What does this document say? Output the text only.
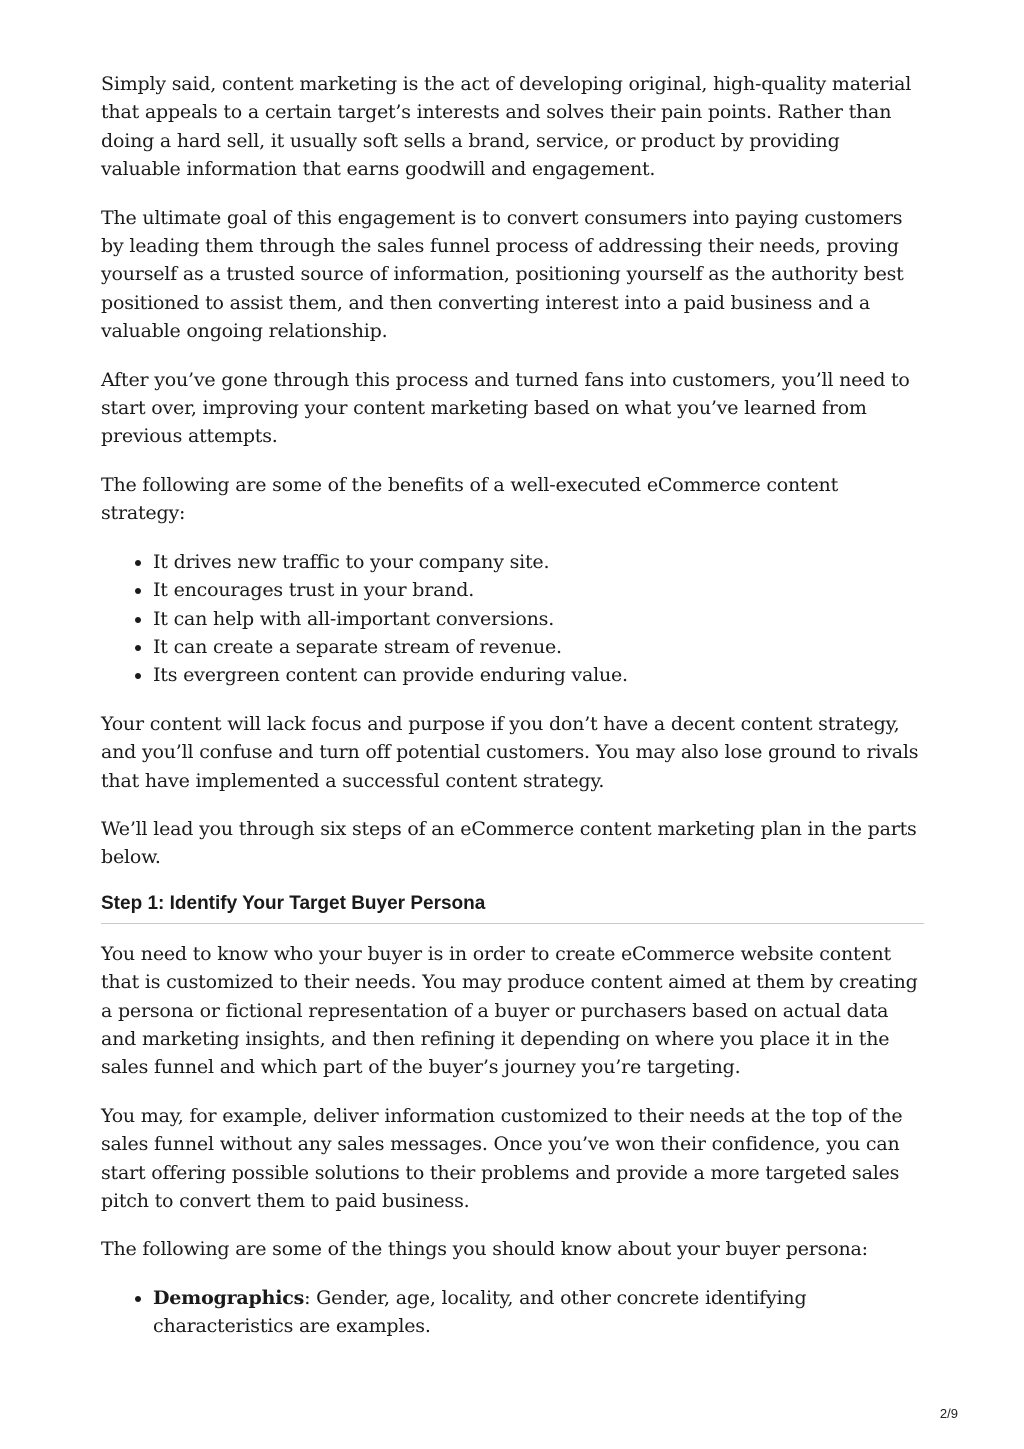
Simply said, content marketing is the act of developing original, high-quality material that appeals to a certain target’s interests and solves their pain points. Rather than doing a hard sell, it usually soft sells a brand, service, or product by providing valuable information that earns goodwill and engagement.

The ultimate goal of this engagement is to convert consumers into paying customers by leading them through the sales funnel process of addressing their needs, proving yourself as a trusted source of information, positioning yourself as the authority best positioned to assist them, and then converting interest into a paid business and a valuable ongoing relationship.

After you’ve gone through this process and turned fans into customers, you’ll need to start over, improving your content marketing based on what you’ve learned from previous attempts.

The following are some of the benefits of a well-executed eCommerce content strategy:

• It drives new traffic to your company site.
• It encourages trust in your brand.
• It can help with all-important conversions.
• It can create a separate stream of revenue.
• Its evergreen content can provide enduring value.

Your content will lack focus and purpose if you don’t have a decent content strategy, and you’ll confuse and turn off potential customers. You may also lose ground to rivals that have implemented a successful content strategy.

We’ll lead you through six steps of an eCommerce content marketing plan in the parts below.

Step 1: Identify Your Target Buyer Persona

You need to know who your buyer is in order to create eCommerce website content that is customized to their needs. You may produce content aimed at them by creating a persona or fictional representation of a buyer or purchasers based on actual data and marketing insights, and then refining it depending on where you place it in the sales funnel and which part of the buyer’s journey you’re targeting.

You may, for example, deliver information customized to their needs at the top of the sales funnel without any sales messages. Once you’ve won their confidence, you can start offering possible solutions to their problems and provide a more targeted sales pitch to convert them to paid business.

The following are some of the things you should know about your buyer persona:

• Demographics: Gender, age, locality, and other concrete identifying characteristics are examples.
2/9
